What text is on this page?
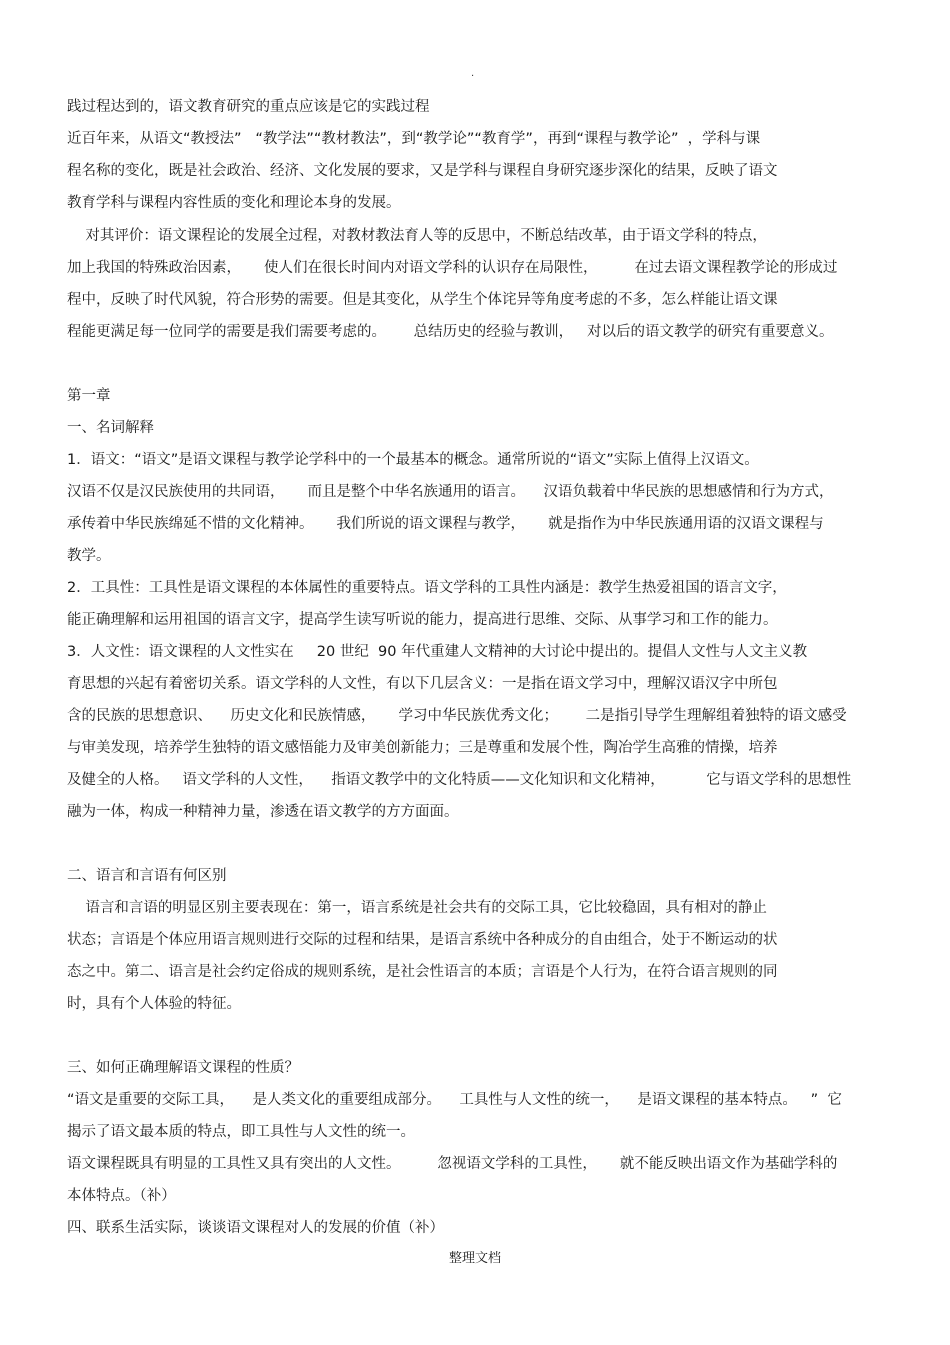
.
践过程达到的，语文教育研究的重点应该是它的实践过程
近百年来，从语文“教授法”   “教学法”“教材教法”，到“教学论”“教育学”，再到“课程与教学论”  ，学科与课
程名称的变化，既是社会政治、经济、文化发展的要求，又是学科与课程自身研究逐步深化的结果，反映了语文
教育学科与课程内容性质的变化和理论本身的发展。
对其评价：语文课程论的发展全过程，对教材教法育人等的反思中，不断总结改革，由于语文学科的特点，
加上我国的特殊政治因素，     使人们在很长时间内对语文学科的认识存在局限性，        在过去语文课程教学论的形成过
程中，反映了时代风貌，符合形势的需要。但是其变化，从学生个体诧异等角度考虑的不多，怎么样能让语文课
程能更满足每一位同学的需要是我们需要考虑的。      总结历史的经验与教训，   对以后的语文教学的研究有重要意义。
第一章
一、名词解释
1．语文：“语文”是语文课程与教学论学科中的一个最基本的概念。通常所说的“语文”实际上值得上汉语文。
汉语不仅是汉民族使用的共同语，     而且是整个中华名族通用的语言。    汉语负载着中华民族的思想感情和行为方式，
承传着中华民族绵延不惜的文化精神。     我们所说的语文课程与教学，     就是指作为中华民族通用语的汉语文课程与
教学。
2．工具性：工具性是语文课程的本体属性的重要特点。语文学科的工具性内涵是：教学生热爱祖国的语言文字，
能正确理解和运用祖国的语言文字，提高学生读写听说的能力，提高进行思维、交际、从事学习和工作的能力。
3．人文性：语文课程的人文性实在     20 世纪  90 年代重建人文精神的大讨论中提出的。提倡人文性与人文主义教
育思想的兴起有着密切关系。语文学科的人文性，有以下几层含义：一是指在语文学习中，理解汉语汉字中所包
含的民族的思想意识、    历史文化和民族情感，     学习中华民族优秀文化；      二是指引导学生理解组着独特的语文感受
与审美发现，培养学生独特的语文感悟能力及审美创新能力；三是尊重和发展个性，陶冶学生高雅的情操，培养
及健全的人格。   语文学科的人文性，    指语文教学中的文化特质——文化知识和文化精神，         它与语文学科的思想性
融为一体，构成一种精神力量，渗透在语文教学的方方面面。
二、语言和言语有何区别
语言和言语的明显区别主要表现在：第一，语言系统是社会共有的交际工具，它比较稳固，具有相对的静止
状态；言语是个体应用语言规则进行交际的过程和结果，是语言系统中各种成分的自由组合，处于不断运动的状
态之中。第二、语言是社会约定俗成的规则系统，是社会性语言的本质；言语是个人行为，在符合语言规则的同
时，具有个人体验的特征。
三、如何正确理解语文课程的性质？
“语文是重要的交际工具，    是人类文化的重要组成部分。    工具性与人文性的统一，    是语文课程的基本特点。   ”  它
揭示了语文最本质的特点，即工具性与人文性的统一。
语文课程既具有明显的工具性又具有突出的人文性。        忽视语文学科的工具性，     就不能反映出语文作为基础学科的
本体特点。（补）
四、联系生活实际，谈谈语文课程对人的发展的价值（补）
整理文档
